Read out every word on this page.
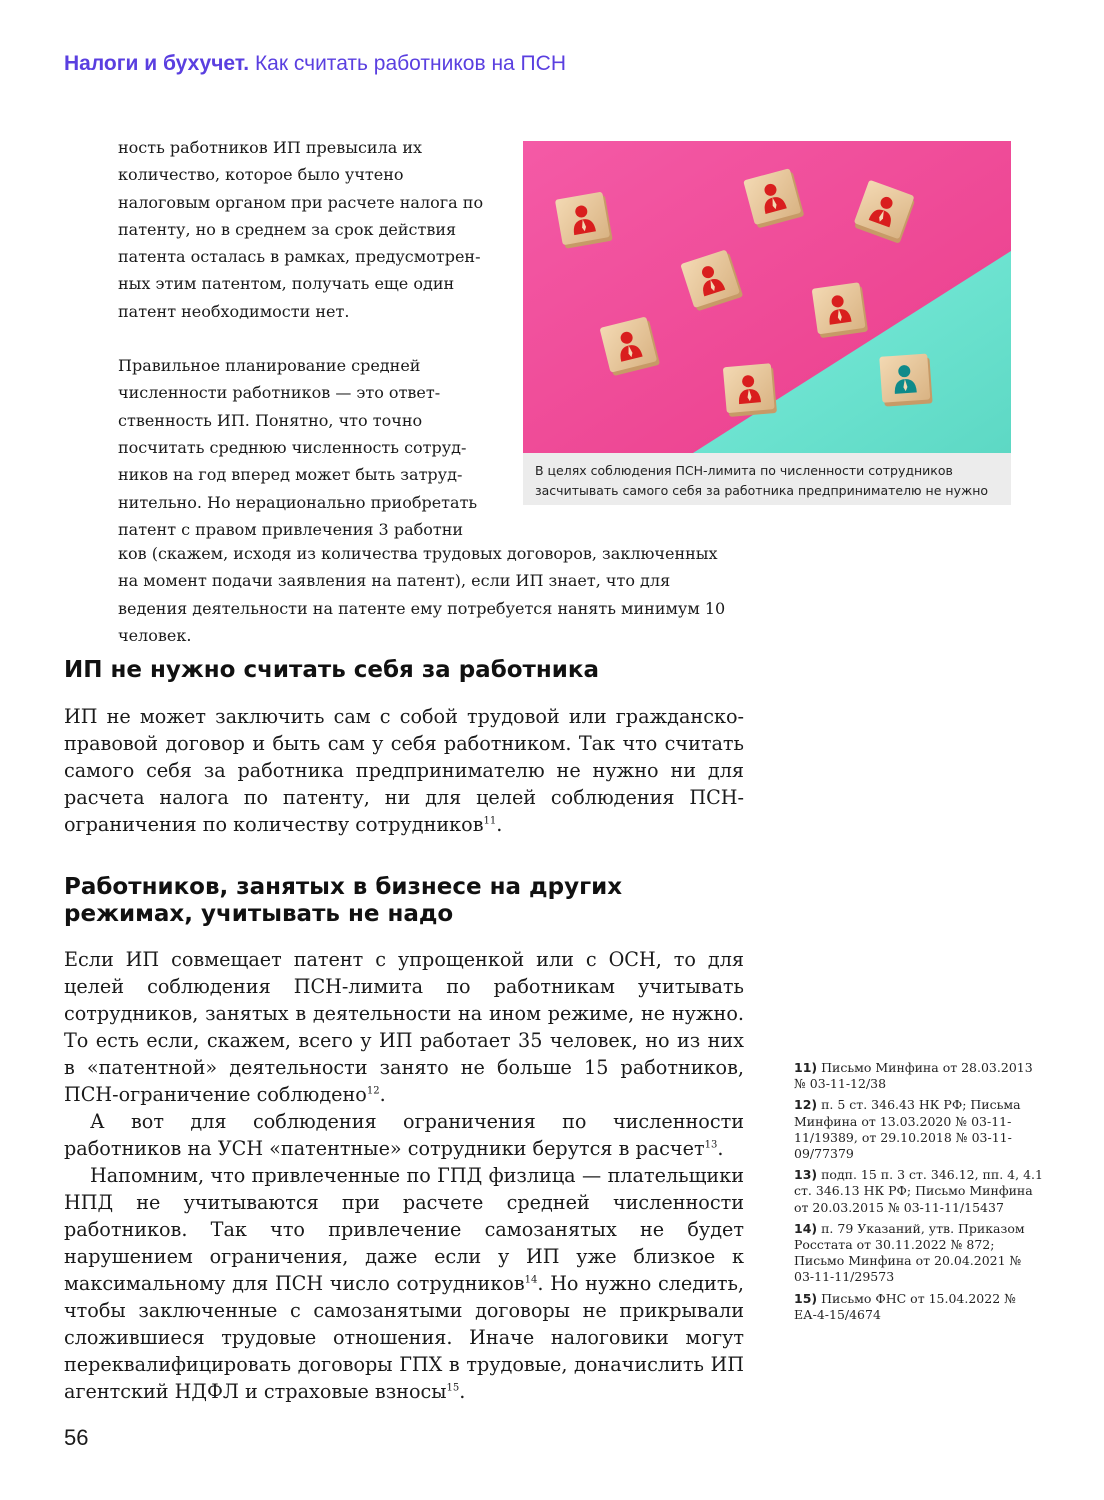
Налоги и бухучет. Как считать работников на ПСН

ность работников ИП превысила их количество, которое было учтено налоговым органом при расчете налога по патенту, но в среднем за срок действия патента осталась в рамках, предусмотренных этим патентом, получать еще один патент необходимости нет.

Правильное планирование средней численности работников — это ответственность ИП. Понятно, что точно посчитать среднюю численность сотрудников на год вперед может быть затруднительно. Но нерационально приобретать патент с правом привлечения 3 работни

ков (скажем, исходя из количества трудовых договоров, заключенных на момент подачи заявления на патент), если ИП знает, что для ведения деятельности на патенте ему потребуется нанять минимум 10 человек.
В целях соблюдения ПСН-лимита по численности сотрудников засчитывать самого себя за работника предпринимателю не нужно
ИП не нужно считать себя за работника

ИП не может заключить сам с собой трудовой или гражданско-правовой договор и быть сам у себя работником. Так что считать самого себя за работника предпринимателю не нужно ни для расчета налога по патенту, ни для целей соблюдения ПСН-ограничения по количеству сотрудников$^{11}$.

Работников, занятых в бизнесе на других
режимах, учитывать не надо

Если ИП совмещает патент с упрощенкой или с ОСН, то для целей соблюдения ПСН-лимита по работникам учитывать сотрудников, занятых в деятельности на ином режиме, не нужно. То есть если, скажем, всего у ИП работает 35 человек, но из них в «патентной» деятельности занято не больше 15 работников, ПСН-ограничение соблюдено$^{12}$.

А вот для соблюдения ограничения по численности работников на УСН «патентные» сотрудники берутся в расчет$^{13}$.

Напомним, что привлеченные по ГПД физлица — плательщики НПД не учитываются при расчете средней численности работников. Так что привлечение самозанятых не будет нарушением ограничения, даже если у ИП уже близкое к максимальному для ПСН число сотрудников$^{14}$. Но нужно следить, чтобы заключенные с самозанятыми договоры не прикрывали сложившиеся трудовые отношения. Иначе налоговики могут переквалифицировать договоры ГПХ в трудовые, доначислить ИП агентский НДФЛ и страховые взносы$^{15}$.

11) Письмо Минфина от 28.03.2013 № 03-11-12/38
12) п. 5 ст. 346.43 НК РФ; Письма Минфина от 13.03.2020 № 03-11-11/19389, от 29.10.2018 № 03-11-09/77379
13) подп. 15 п. 3 ст. 346.12, пп. 4, 4.1 ст. 346.13 НК РФ; Письмо Минфина от 20.03.2015 № 03-11-11/15437
14) п. 79 Указаний, утв. Приказом Росстата от 30.11.2022 № 872; Письмо Минфина от 20.04.2021 № 03-11-11/29573
15) Письмо ФНС от 15.04.2022 № ЕА-4-15/4674
56
